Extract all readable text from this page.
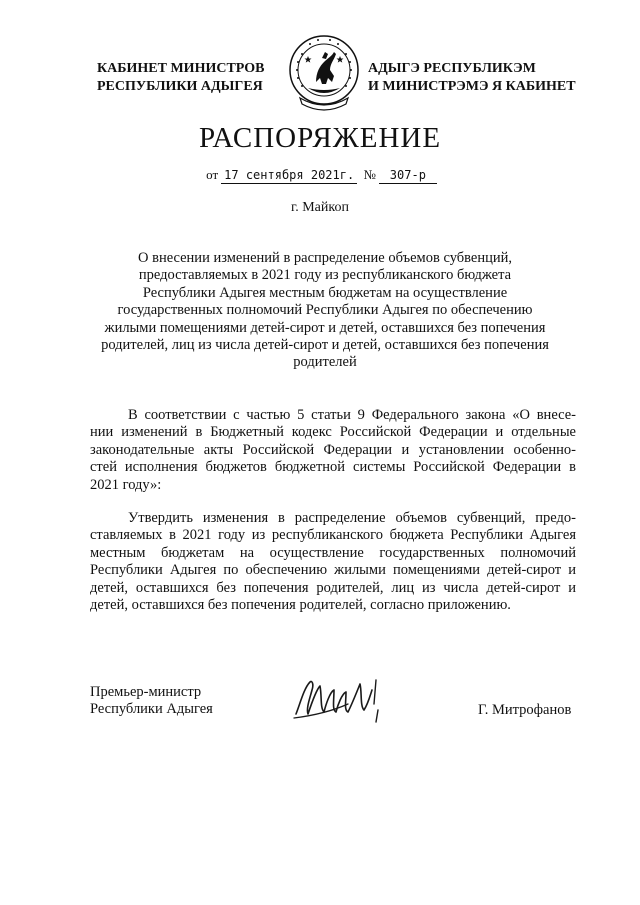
КАБИНЕТ МИНИСТРОВ
РЕСПУБЛИКИ АДЫГЕЯ
АДЫГЭ РЕСПУБЛИКЭМ
И МИНИСТРЭМЭ Я КАБИНЕТ
РАСПОРЯЖЕНИЕ
от 17 сентября 2021г. № 307-р
г. Майкоп
О внесении изменений в распределение объемов субвенций,
предоставляемых в 2021 году из республиканского бюджета
Республики Адыгея местным бюджетам на осуществление
государственных полномочий Республики Адыгея по обеспечению
жилыми помещениями детей-сирот и детей, оставшихся без попечения
родителей, лиц из числа детей-сирот и детей, оставшихся без попечения
родителей
В соответствии с частью 5 статьи 9 Федерального закона «О внесе-
нии изменений в Бюджетный кодекс Российской Федерации и отдельные
законодательные акты Российской Федерации и установлении особенно-
стей исполнения бюджетов бюджетной системы Российской Федерации в
2021 году»:
Утвердить изменения в распределение объемов субвенций, предо-
ставляемых в 2021 году из республиканского бюджета Республики Адыгея
местным бюджетам на осуществление государственных полномочий
Республики Адыгея по обеспечению жилыми помещениями детей-сирот и
детей, оставшихся без попечения родителей, лиц из числа детей-сирот и
детей, оставшихся без попечения родителей, согласно приложению.
Премьер-министр
Республики Адыгея	Г. Митрофанов
